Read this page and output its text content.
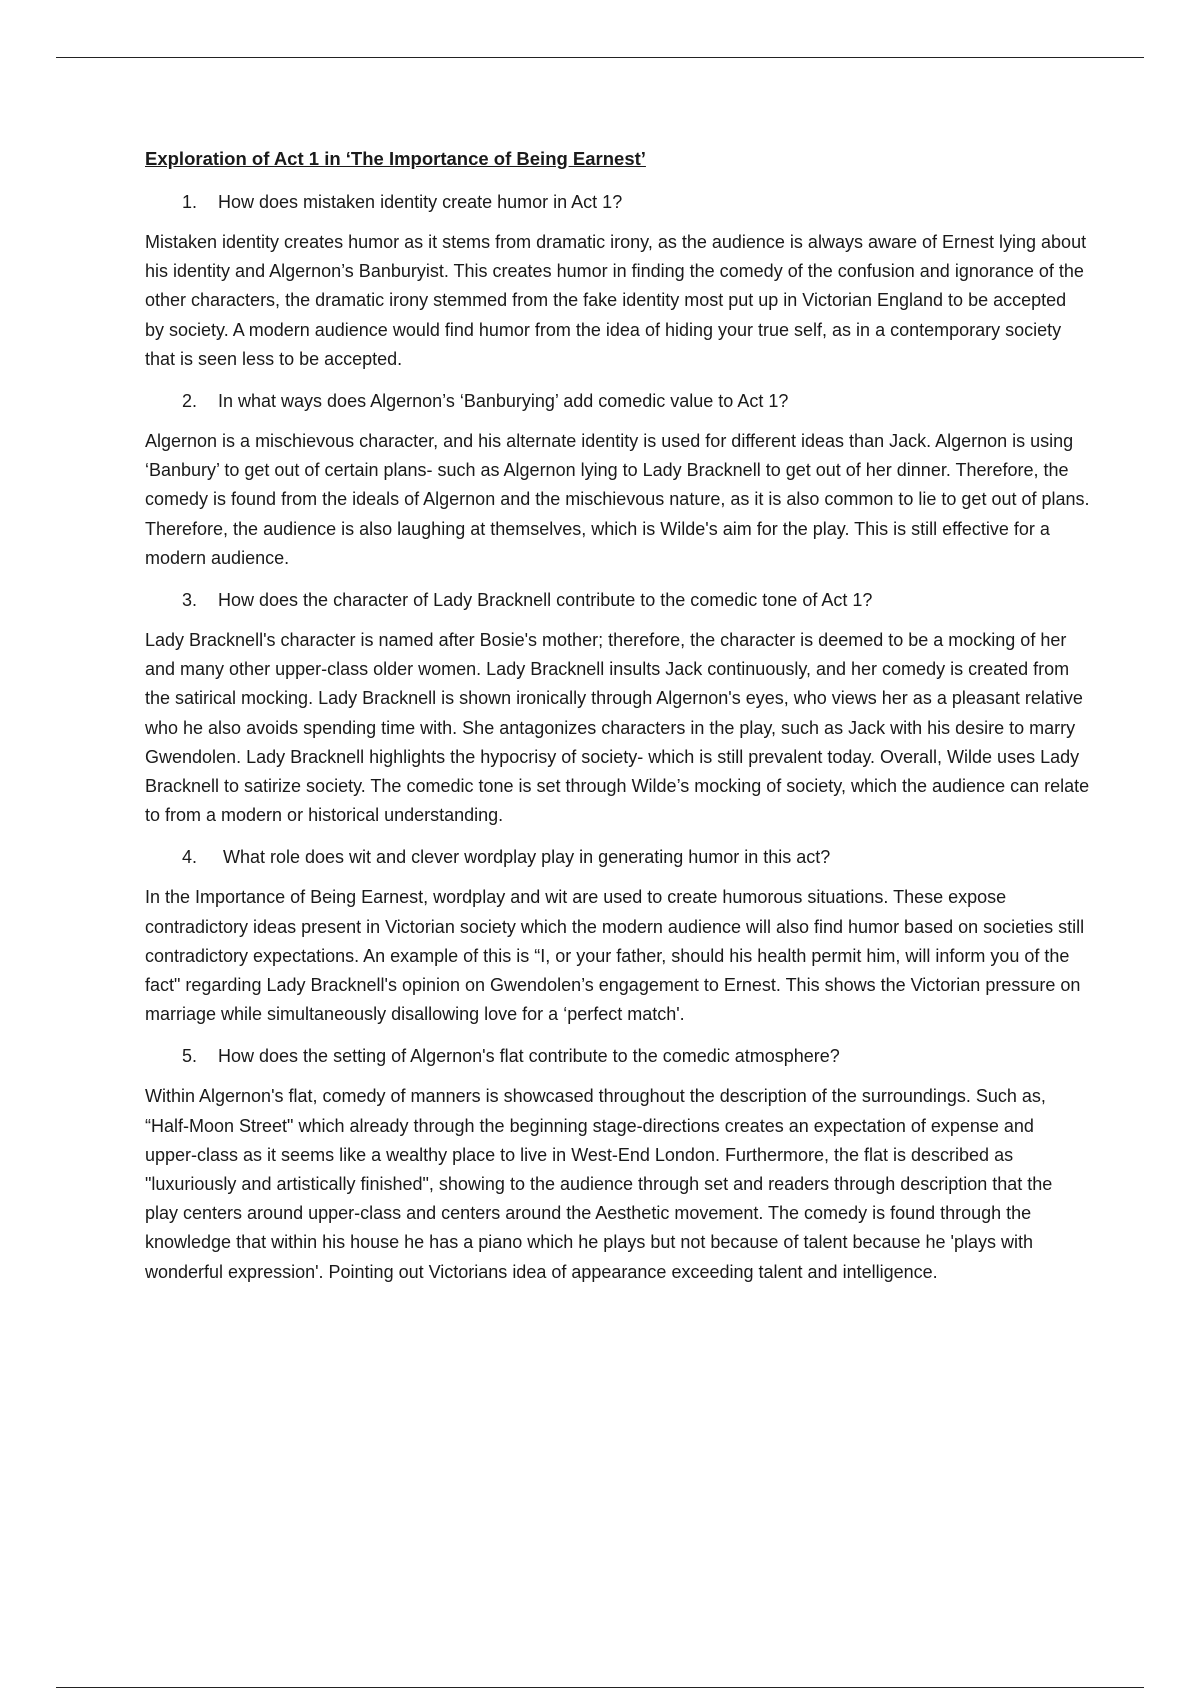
Exploration of Act 1 in ‘The Importance of Being Earnest’
1.	How does mistaken identity create humor in Act 1?

Mistaken identity creates humor as it stems from dramatic irony, as the audience is always aware of Ernest lying about his identity and Algernon’s Banburyist. This creates humor in finding the comedy of the confusion and ignorance of the other characters, the dramatic irony stemmed from the fake identity most put up in Victorian England to be accepted by society. A modern audience would find humor from the idea of hiding your true self, as in a contemporary society that is seen less to be accepted.

2.	In what ways does Algernon’s ‘Banburying’ add comedic value to Act 1?

Algernon is a mischievous character, and his alternate identity is used for different ideas than Jack. Algernon is using ‘Banbury’ to get out of certain plans- such as Algernon lying to Lady Bracknell to get out of her dinner. Therefore, the comedy is found from the ideals of Algernon and the mischievous nature, as it is also common to lie to get out of plans. Therefore, the audience is also laughing at themselves, which is Wilde's aim for the play. This is still effective for a modern audience.

3.	How does the character of Lady Bracknell contribute to the comedic tone of Act 1?

Lady Bracknell's character is named after Bosie's mother; therefore, the character is deemed to be a mocking of her and many other upper-class older women. Lady Bracknell insults Jack continuously, and her comedy is created from the satirical mocking. Lady Bracknell is shown ironically through Algernon's eyes, who views her as a pleasant relative who he also avoids spending time with. She antagonizes characters in the play, such as Jack with his desire to marry Gwendolen. Lady Bracknell highlights the hypocrisy of society- which is still prevalent today. Overall, Wilde uses Lady Bracknell to satirize society. The comedic tone is set through Wilde’s mocking of society, which the audience can relate to from a modern or historical understanding.

4.	What role does wit and clever wordplay play in generating humor in this act?

In the Importance of Being Earnest, wordplay and wit are used to create humorous situations. These expose contradictory ideas present in Victorian society which the modern audience will also find humor based on societies still contradictory expectations. An example of this is “I, or your father, should his health permit him, will inform you of the fact" regarding Lady Bracknell's opinion on Gwendolen’s engagement to Ernest. This shows the Victorian pressure on marriage while simultaneously disallowing love for a ‘perfect match'.

5.	How does the setting of Algernon's flat contribute to the comedic atmosphere?

Within Algernon's flat, comedy of manners is showcased throughout the description of the surroundings. Such as, “Half-Moon Street" which already through the beginning stage-directions creates an expectation of expense and upper-class as it seems like a wealthy place to live in West-End London. Furthermore, the flat is described as "luxuriously and artistically finished", showing to the audience through set and readers through description that the play centers around upper-class and centers around the Aesthetic movement. The comedy is found through the knowledge that within his house he has a piano which he plays but not because of talent because he 'plays with wonderful expression'. Pointing out Victorians idea of appearance exceeding talent and intelligence.
